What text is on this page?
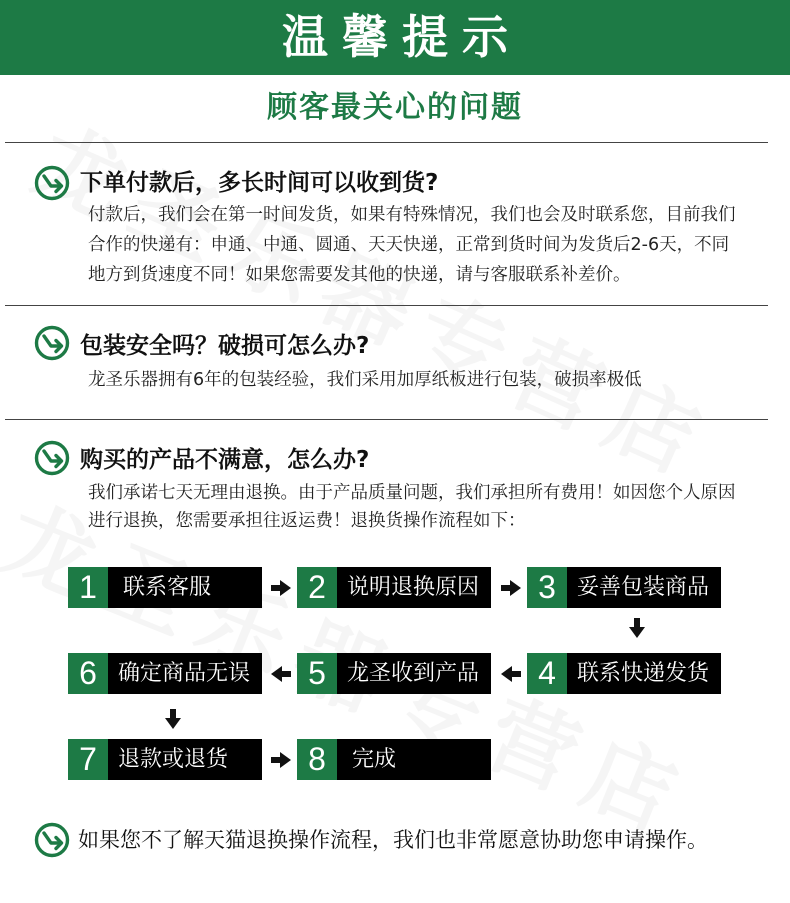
温馨提示
顾客最关心的问题
下单付款后，多长时间可以收到货?
付款后，我们会在第一时间发货，如果有特殊情况，我们也会及时联系您，目前我们
合作的快递有：申通、中通、圆通、天天快递，正常到货时间为发货后2-6天，不同
地方到货速度不同！如果您需要发其他的快递，请与客服联系补差价。
包装安全吗？破损可怎么办?
龙圣乐器拥有6年的包装经验，我们采用加厚纸板进行包装，破损率极低
购买的产品不满意，怎么办?
我们承诺七天无理由退换。由于产品质量问题，我们承担所有费用！如因您个人原因
进行退换，您需要承担往返运费！退换货操作流程如下：
1	联系客服	2 说明退换原因	3 妥善包装商品
6 确定商品无误	5 龙圣收到产品	4 联系快递发货
7 退款或退货	8	完成
如果您不了解天猫退换操作流程，我们也非常愿意协助您申请操作。
